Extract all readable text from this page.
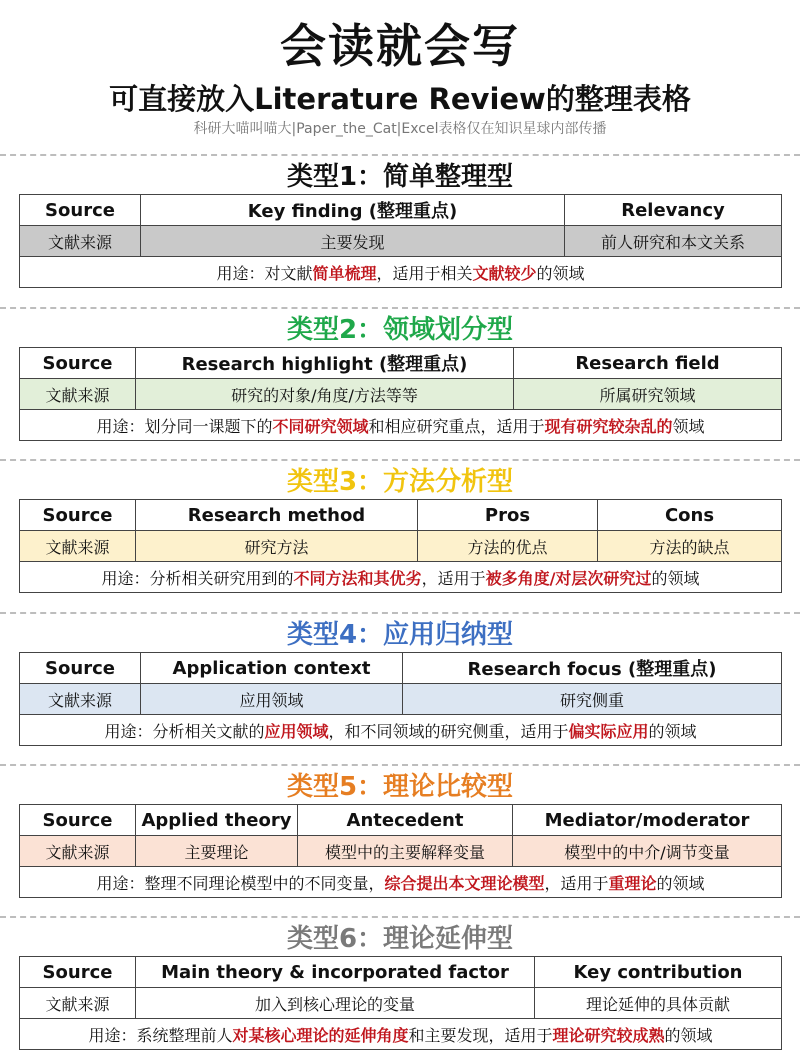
会读就会写
可直接放入Literature Review的整理表格
科研大喵叫喵大|Paper_the_Cat|Excel表格仅在知识星球内部传播
类型1：简单整理型
Source	Key finding (整理重点)	Relevancy
文献来源	主要发现	前人研究和本文关系
用途：对文献简单梳理，适用于相关文献较少的领域		
类型2：领域划分型
Source	Research highlight (整理重点)	Research field
文献来源	研究的对象/角度/方法等等	所属研究领域
用途：划分同一课题下的不同研究领域和相应研究重点，适用于现有研究较杂乱的领域		
类型3：方法分析型
Source	Research method	Pros	Cons
文献来源	研究方法	方法的优点	方法的缺点
用途：分析相关研究用到的不同方法和其优劣，适用于被多角度/对层次研究过的领域			
类型4：应用归纳型
Source	Application context	Research focus (整理重点)
文献来源	应用领域	研究侧重
用途：分析相关文献的应用领域，和不同领域的研究侧重，适用于偏实际应用的领域		
类型5：理论比较型
Source	Applied theory	Antecedent	Mediator/moderator
文献来源	主要理论	模型中的主要解释变量	模型中的中介/调节变量
用途：整理不同理论模型中的不同变量，综合提出本文理论模型，适用于重理论的领域			
类型6：理论延伸型
Source	Main theory & incorporated factor	Key contribution
文献来源	加入到核心理论的变量	理论延伸的具体贡献
用途：系统整理前人对某核心理论的延伸角度和主要发现，适用于理论研究较成熟的领域		
